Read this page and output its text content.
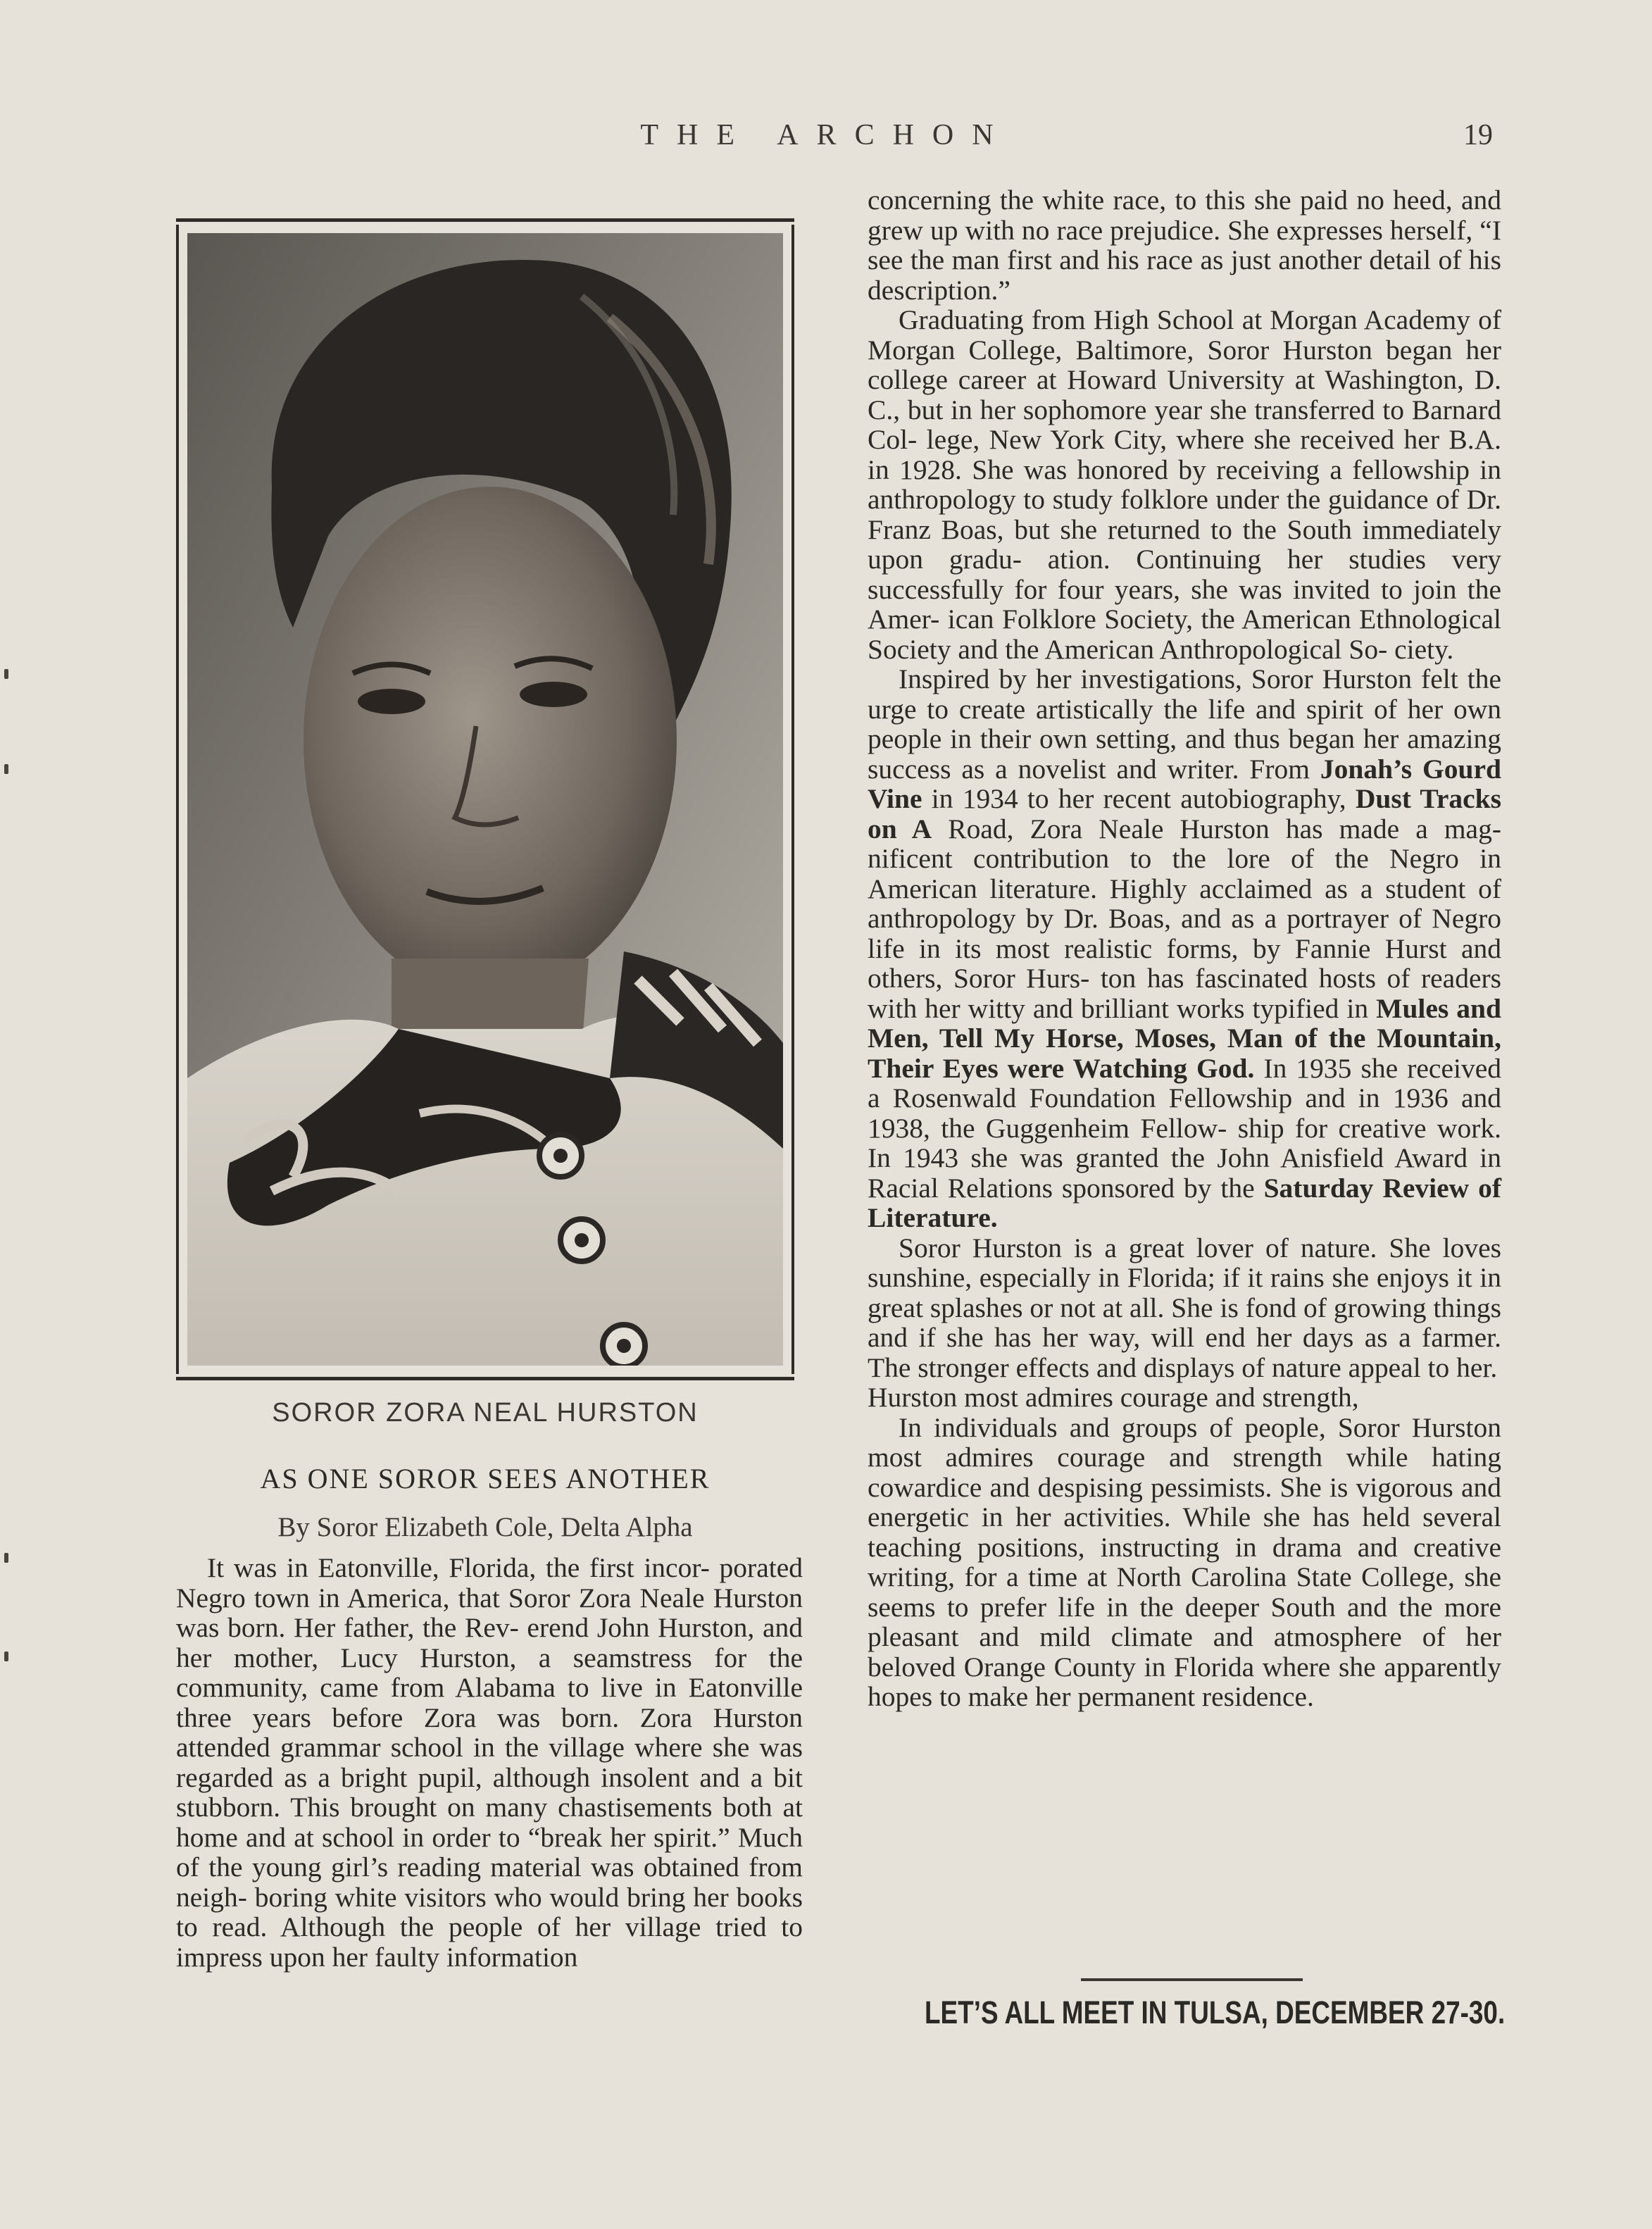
THE ARCHON	19
SOROR ZORA NEAL HURSTON
AS ONE SOROR SEES ANOTHER
By Soror Elizabeth Cole, Delta Alpha

It was in Eatonville, Florida, the first incor- porated Negro town in America, that Soror Zora Neale Hurston was born. Her father, the Rev- erend John Hurston, and her mother, Lucy Hurston, a seamstress for the community, came from Alabama to live in Eatonville three years before Zora was born. Zora Hurston attended grammar school in the village where she was regarded as a bright pupil, although insolent and a bit stubborn. This brought on many chastisements both at home and at school in order to “break her spirit.” Much of the young girl’s reading material was obtained from neigh- boring white visitors who would bring her books to read. Although the people of her village tried to impress upon her faulty information

concerning the white race, to this she paid no heed, and grew up with no race prejudice. She expresses herself, “I see the man first and his race as just another detail of his description.”

Graduating from High School at Morgan Academy of Morgan College, Baltimore, Soror Hurston began her college career at Howard University at Washington, D. C., but in her sophomore year she transferred to Barnard Col- lege, New York City, where she received her B.A. in 1928. She was honored by receiving a fellowship in anthropology to study folklore under the guidance of Dr. Franz Boas, but she returned to the South immediately upon gradu- ation. Continuing her studies very successfully for four years, she was invited to join the Amer- ican Folklore Society, the American Ethnological Society and the American Anthropological So- ciety.

Inspired by her investigations, Soror Hurston felt the urge to create artistically the life and spirit of her own people in their own setting, and thus began her amazing success as a novelist and writer. From Jonah’s Gourd Vine in 1934 to her recent autobiography, Dust Tracks on A Road, Zora Neale Hurston has made a mag- nificent contribution to the lore of the Negro in American literature. Highly acclaimed as a student of anthropology by Dr. Boas, and as a portrayer of Negro life in its most realistic forms, by Fannie Hurst and others, Soror Hurs- ton has fascinated hosts of readers with her witty and brilliant works typified in Mules and Men, Tell My Horse, Moses, Man of the Mountain, Their Eyes were Watching God. In 1935 she received a Rosenwald Foundation Fellowship and in 1936 and 1938, the Guggenheim Fellow- ship for creative work. In 1943 she was granted the John Anisfield Award in Racial Relations sponsored by the Saturday Review of Literature.

Soror Hurston is a great lover of nature. She loves sunshine, especially in Florida; if it rains she enjoys it in great splashes or not at all. She is fond of growing things and if she has her way, will end her days as a farmer. The stronger effects and displays of nature appeal to her.

Hurston most admires courage and strength,

In individuals and groups of people, Soror Hurston most admires courage and strength while hating cowardice and despising pessimists. She is vigorous and energetic in her activities. While she has held several teaching positions, instructing in drama and creative writing, for a time at North Carolina State College, she seems to prefer life in the deeper South and the more pleasant and mild climate and atmosphere of her beloved Orange County in Florida where she apparently hopes to make her permanent residence.

LET’S ALL MEET IN TULSA, DECEMBER 27-30.
